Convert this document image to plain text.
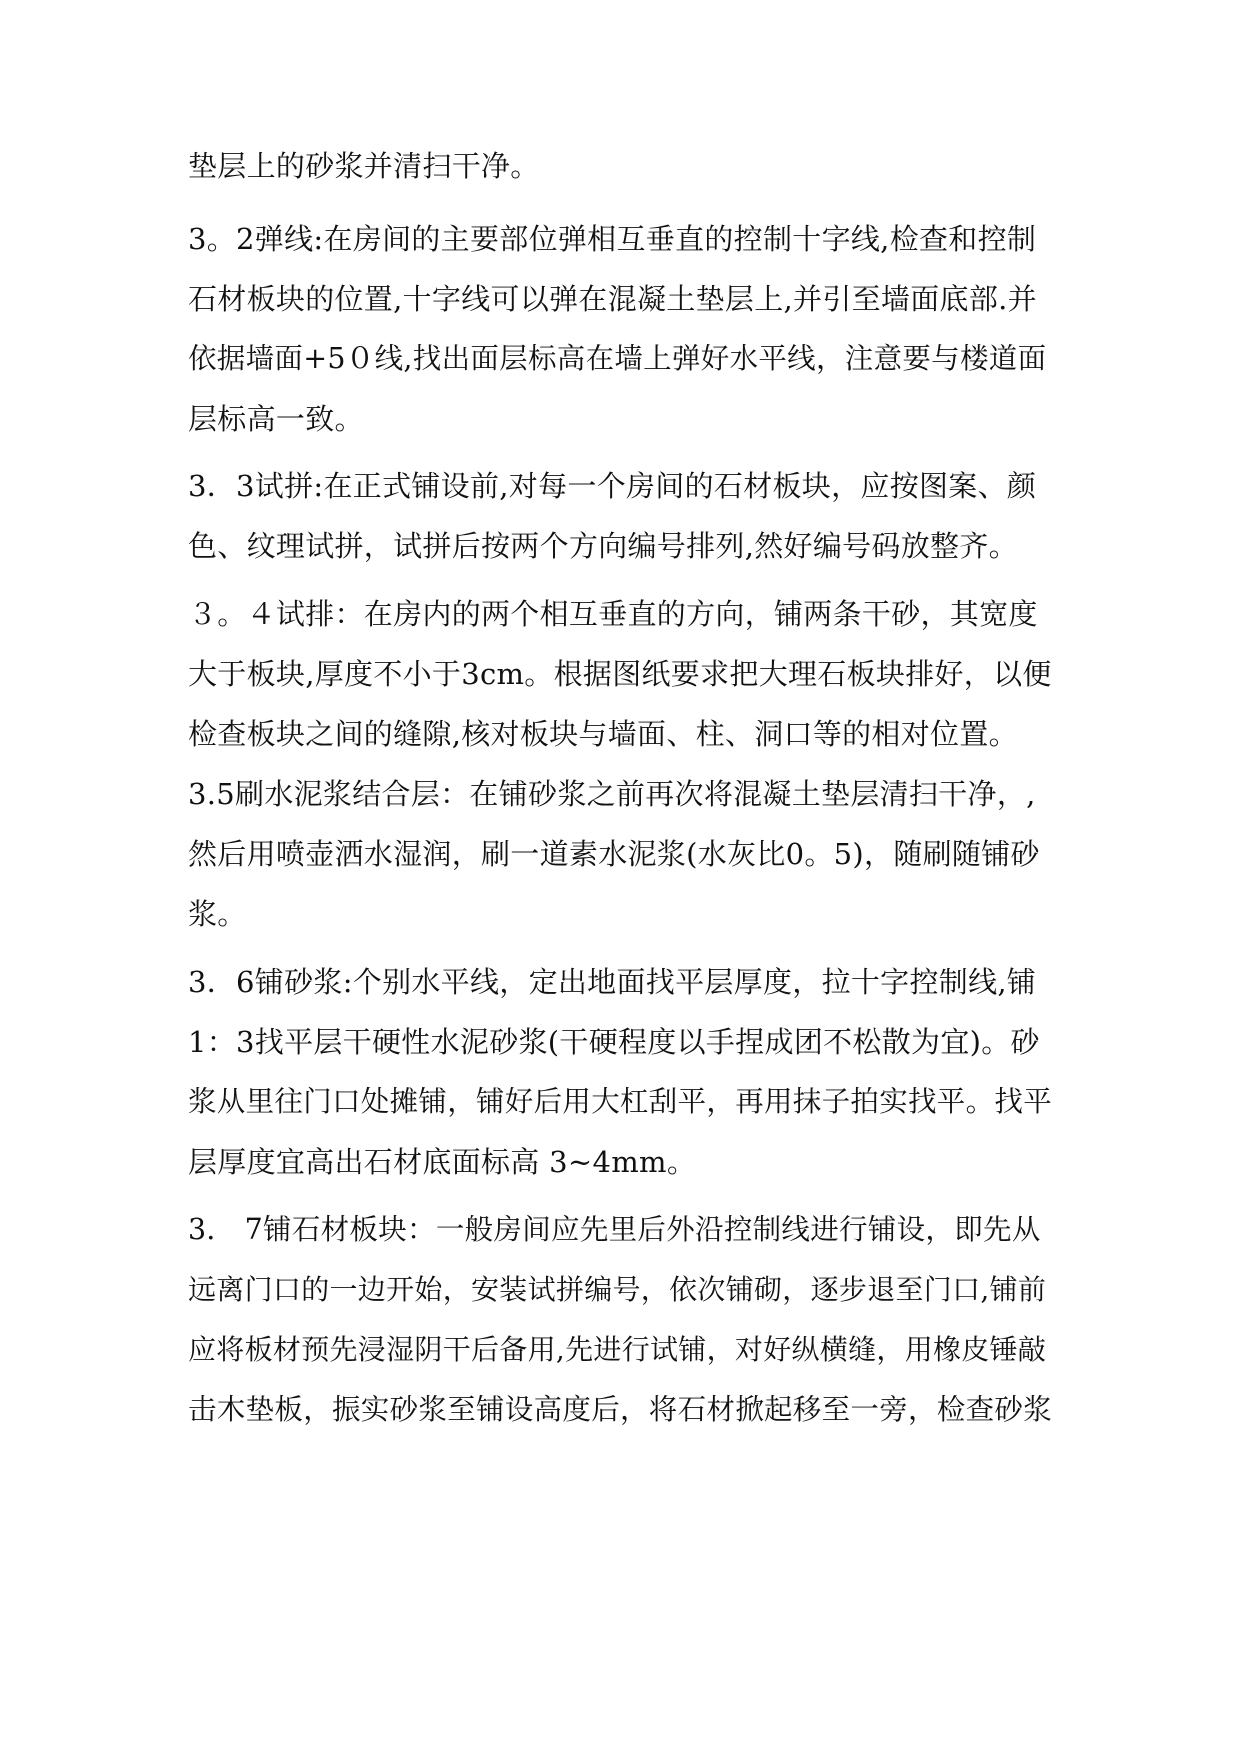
垫层上的砂浆并清扫干净。
3。2弹线:在房间的主要部位弹相互垂直的控制十字线,检查和控制
石材板块的位置,十字线可以弹在混凝土垫层上,并引至墙面底部.并
依据墙面+5０线,找出面层标高在墙上弹好水平线，注意要与楼道面
层标高一致。
3．3试拼:在正式铺设前,对每一个房间的石材板块，应按图案、颜
色、纹理试拼，试拼后按两个方向编号排列,然好编号码放整齐。
３。４试排：在房内的两个相互垂直的方向，铺两条干砂，其宽度
大于板块,厚度不小于3cm。根据图纸要求把大理石板块排好，以便
检查板块之间的缝隙,核对板块与墙面、柱、洞口等的相对位置。
3.5刷水泥浆结合层：在铺砂浆之前再次将混凝土垫层清扫干净，,
然后用喷壶洒水湿润，刷一道素水泥浆(水灰比0。5)，随刷随铺砂
浆。
3．6铺砂浆:个别水平线，定出地面找平层厚度，拉十字控制线,铺
1：3找平层干硬性水泥砂浆(干硬程度以手捏成团不松散为宜)。砂
浆从里往门口处摊铺，铺好后用大杠刮平，再用抹子拍实找平。找平
层厚度宜高出石材底面标高 3~4mm。
3． 7铺石材板块：一般房间应先里后外沿控制线进行铺设，即先从
远离门口的一边开始，安装试拼编号，依次铺砌，逐步退至门口,铺前
应将板材预先浸湿阴干后备用,先进行试铺，对好纵横缝，用橡皮锤敲
击木垫板，振实砂浆至铺设高度后，将石材掀起移至一旁，检查砂浆
